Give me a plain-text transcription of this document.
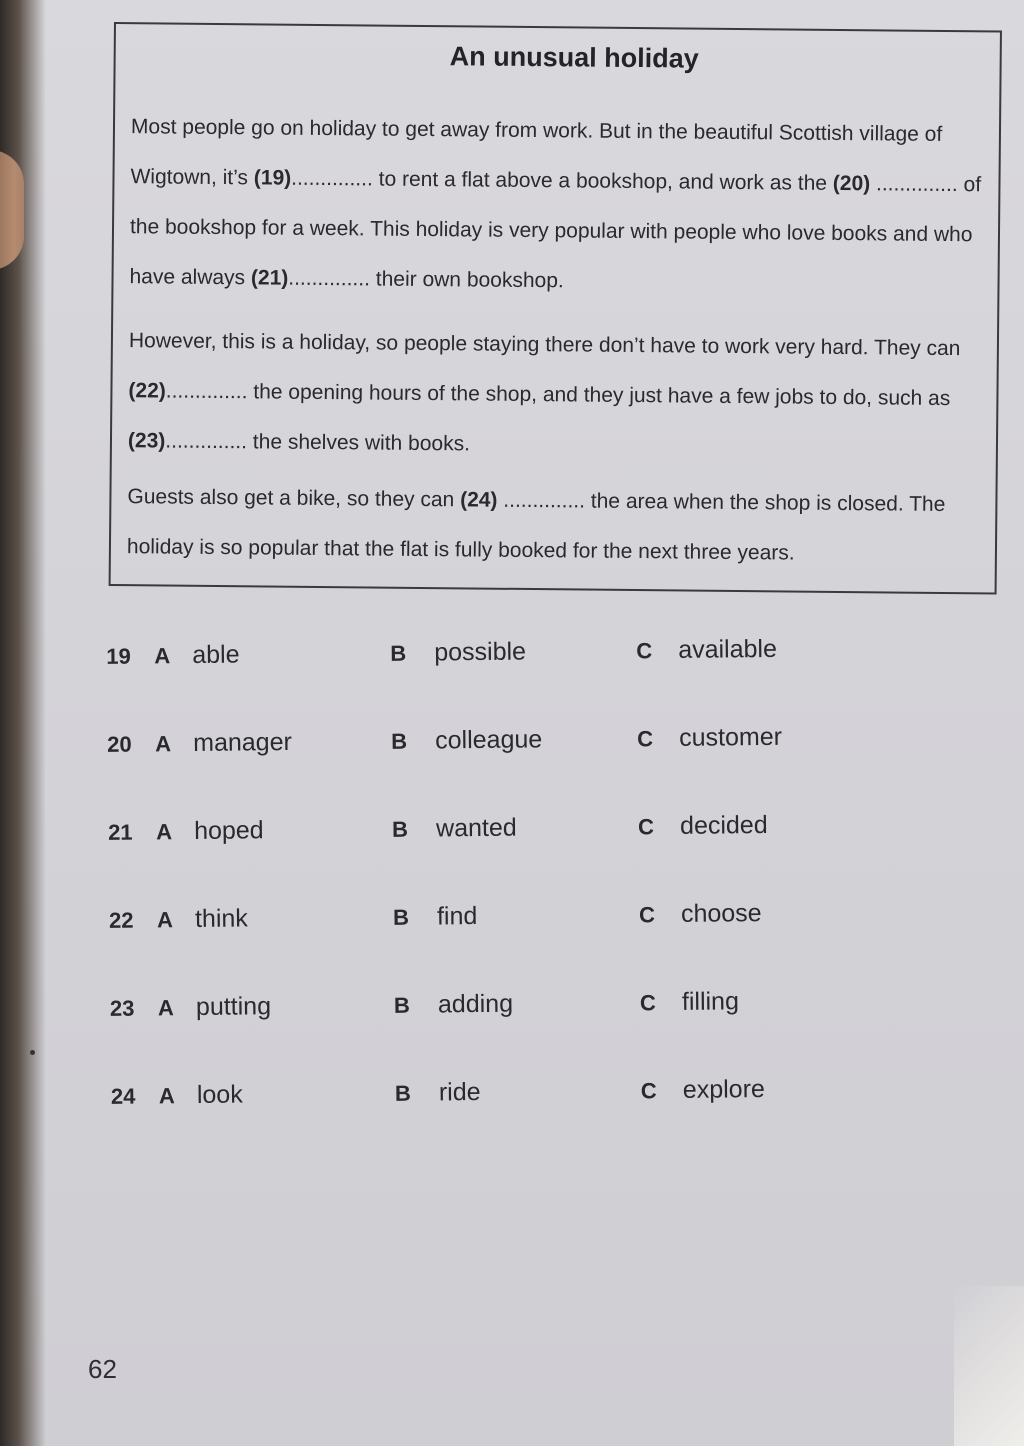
An unusual holiday
Most people go on holiday to get away from work. But in the beautiful Scottish village of Wigtown, it’s (19).............. to rent a flat above a bookshop, and work as the (20) .............. of the bookshop for a week. This holiday is very popular with people who love books and who have always (21).............. their own bookshop.
However, this is a holiday, so people staying there don’t have to work very hard. They can (22).............. the opening hours of the shop, and they just have a few jobs to do, such as (23).............. the shelves with books.
Guests also get a bike, so they can (24) .............. the area when the shop is closed. The holiday is so popular that the flat is fully booked for the next three years.
19 A able	B possible	C available
20 A manager	B colleague	C customer
21 A hoped	B wanted	C decided
22 A think	B find	C choose
23 A putting	B adding	C filling
24 A look	B ride	C explore
62
